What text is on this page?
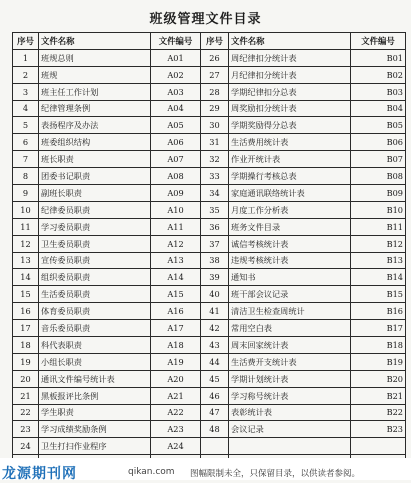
班级管理文件目录
序号	文件名称	文件编号	序号	文件名称	文件编号
1	班规总则	A01	26	周纪律扣分统计表	B01
2	班规	A02	27	月纪律扣分统计表	B02
3	班主任工作计划	A03	28	学期纪律扣分总表	B03
4	纪律管理条例	A04	29	周奖励扣分统计表	B04
5	表扬程序及办法	A05	30	学期奖励得分总表	B05
6	班委组织结构	A06	31	生活费用统计表	B06
7	班长职责	A07	32	作业开统计表	B07
8	团委书记职责	A08	33	学期操行考核总表	B08
9	副班长职责	A09	34	家庭通讯联络统计表	B09
10	纪律委员职责	A10	35	月度工作分析表	B10
11	学习委员职责	A11	36	班务文件目录	B11
12	卫生委员职责	A12	37	诚信考核统计表	B12
13	宣传委员职责	A13	38	违规考核统计表	B13
14	组织委员职责	A14	39	通知书	B14
15	生活委员职责	A15	40	班干部会议记录	B15
16	体育委员职责	A16	41	清洁卫生检查周统计	B16
17	音乐委员职责	A17	42	常用空白表	B17
18	科代表职责	A18	43	周末回家统计表	B18
19	小组长职责	A19	44	生活费开支统计表	B19
20	通讯文件编号统计表	A20	45	学期计划统计表	B20
21	黑板报评比条例	A21	46	学习称号统计表	B21
22	学生职责	A22	47	表彰统计表	B22
23	学习成绩奖励条例	A23	48	会议记录	B23
24	卫生打扫作业程序	A24			

龙源期刊网	qikan.com 图幅限制未全，只保留目录，以供读者参阅。
